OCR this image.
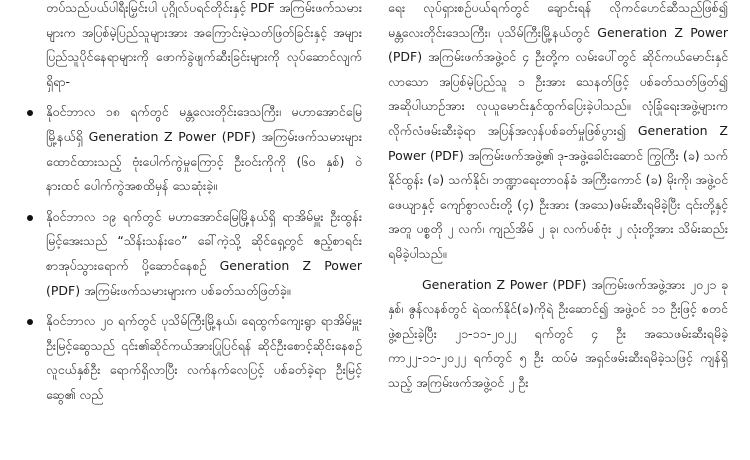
တပ်သည်ပယ်ပါရီးမြှင်းပါ ပုဂ္ဂိုလ်ပရင်တိုင်းနှင့် PDF အကြမ်းဖက်သမားများက အပြစ်မဲ့ပြည်သူများအား အကြောင်းမဲ့သတ်ဖြတ်ခြင်းနှင့် အများပြည်သူပိုင်နေရာများကို ဖောက်ခွဲဖျက်ဆီးခြင်းများကို လုပ်ဆောင်လျက်ရှိရာ-

နိုဝင်ဘာလ ၁၈ ရက်တွင် မန္တလေးတိုင်းဒေသကြီး၊ မဟာအောင်မြေမြို့နယ်ရှိ Generation Z Power (PDF) အကြမ်းဖက်သမားများထောင်ထားသည့် ဗုံးပေါက်ကွဲမှုကြောင့် ဦးဝင်းကိုကို (၆၀ နှစ်) ဝဲနားထင် ပေါက်ကွဲအစထိမှန် သေဆုံးခဲ့။
နိုဝင်ဘာလ ၁၉ ရက်တွင် မဟာအောင်မြေမြို့နယ်ရှိ ရာအိမ်မှူး ဦးထွန်းမြင့်အေးသည် “သိန်းသန်းဝေ” ခေါ်ကဲ့သို့ ဆိုင်ရှေ့တွင် ဧည့်စာရင်းစာအုပ်သွားရောက် ပို့ဆောင်နေစဉ် Generation Z Power (PDF) အကြမ်းဖက်သမားများက ပစ်ခတ်သတ်ဖြတ်ခဲ့။
နိုဝင်ဘာလ ၂၀ ရက်တွင် ပုသိမ်ကြီးမြို့နယ်၊ ရေထွက်ကျေးရွာ ရာအိမ်မှူး ဦးမြင့်ဆွေသည် ၎င်း၏ဆိုင်ကယ်အားပြုပြင်ရန် ဆိုင်ဦးစောင့်ဆိုင်းနေစဉ် လူငယ်နှစ်ဦး ရောက်ရှိလာပြီး လက်နက်လေပြင့် ပစ်ခတ်ခဲ့ရာ ဦးမြင့်ဆွေ၏ လည်

ရေး လုပ်ရှားစဉ်ပယ်ရက်တွင် ချောင်းရန် လိုကင်ပောင်ဆီသည်ဖြစ်၍ မန္တလေးတိုင်းဒေသကြီး၊ ပုသိမ်ကြီးမြို့နယ်တွင် Generation Z Power (PDF) အကြမ်းဖက်အဖွဲ့ဝင် ၄ ဦးတို့က လမ်းပေါ်တွင် ဆိုင်ကယ်မောင်းနှင်လာသော အပြစ်မဲ့ပြည်သူ ၁ ဦးအား သေနတ်ဖြင့် ပစ်ခတ်သတ်ဖြတ်၍ အဆိုပါယာဉ်အား လုယူမောင်းနှင်ထွက်ပြေးခဲ့ပါသည်။ လုံခြုံရေးအဖွဲ့များက လိုက်လံဖမ်းဆီးခဲ့ရာ အပြန်အလှန်ပစ်ခတ်မှုဖြစ်ပွား၍ Generation Z Power (PDF) အကြမ်းဖက်အဖွဲ့၏ ဒု-အဖွဲ့ခေါင်းဆောင် ကြွကြီး (ခ) သက်နိုင်ထွန်း (ခ) သက်နိုင်၊ ဘဏ္ဍာရေးတာဝန်ခံ အကြီးကောင် (ခ) မိုးကို၊ အဖွဲ့ဝင် ဖေယျာနှင့် ကျော်စွာလင်းတို့ (၄) ဦးအား (အသေ)ဖမ်းဆီးရမိခဲ့ပြီး ၎င်းတို့နှင့်အတူ ပစ္စတို ၂ လက်၊ ကျည်အိမ် ၂ ခု၊ လက်ပစ်ဗုံး ၂ လုံးတို့အား သိမ်းဆည်းရမိခဲ့ပါသည်။

Generation Z Power (PDF) အကြမ်းဖက်အဖွဲ့အား ၂၀၂၁ ခုနှစ်၊ ဇွန်လနစ်တွင် ရဲထက်နိုင်(ခ)ကိုရဲ ဦးဆောင်၍ အဖွဲ့ဝင် ၁၁ ဦးဖြင့် စတင်ဖွဲ့စည်းခဲ့ပြီး ၂၁-၁၁-၂၀၂၂ ရက်တွင် ၄ ဦး အသေဖမ်းဆီးရမိခဲ့ကာ၂၂-၁၁-၂၀၂၂ ရက်တွင် ၅ ဦး ထပ်မံ အရှင်ဖမ်းဆီးရမိခဲ့သဖြင့် ကျန်ရှိသည့် အကြမ်းဖက်အဖွဲ့ဝင် ၂ ဦး
